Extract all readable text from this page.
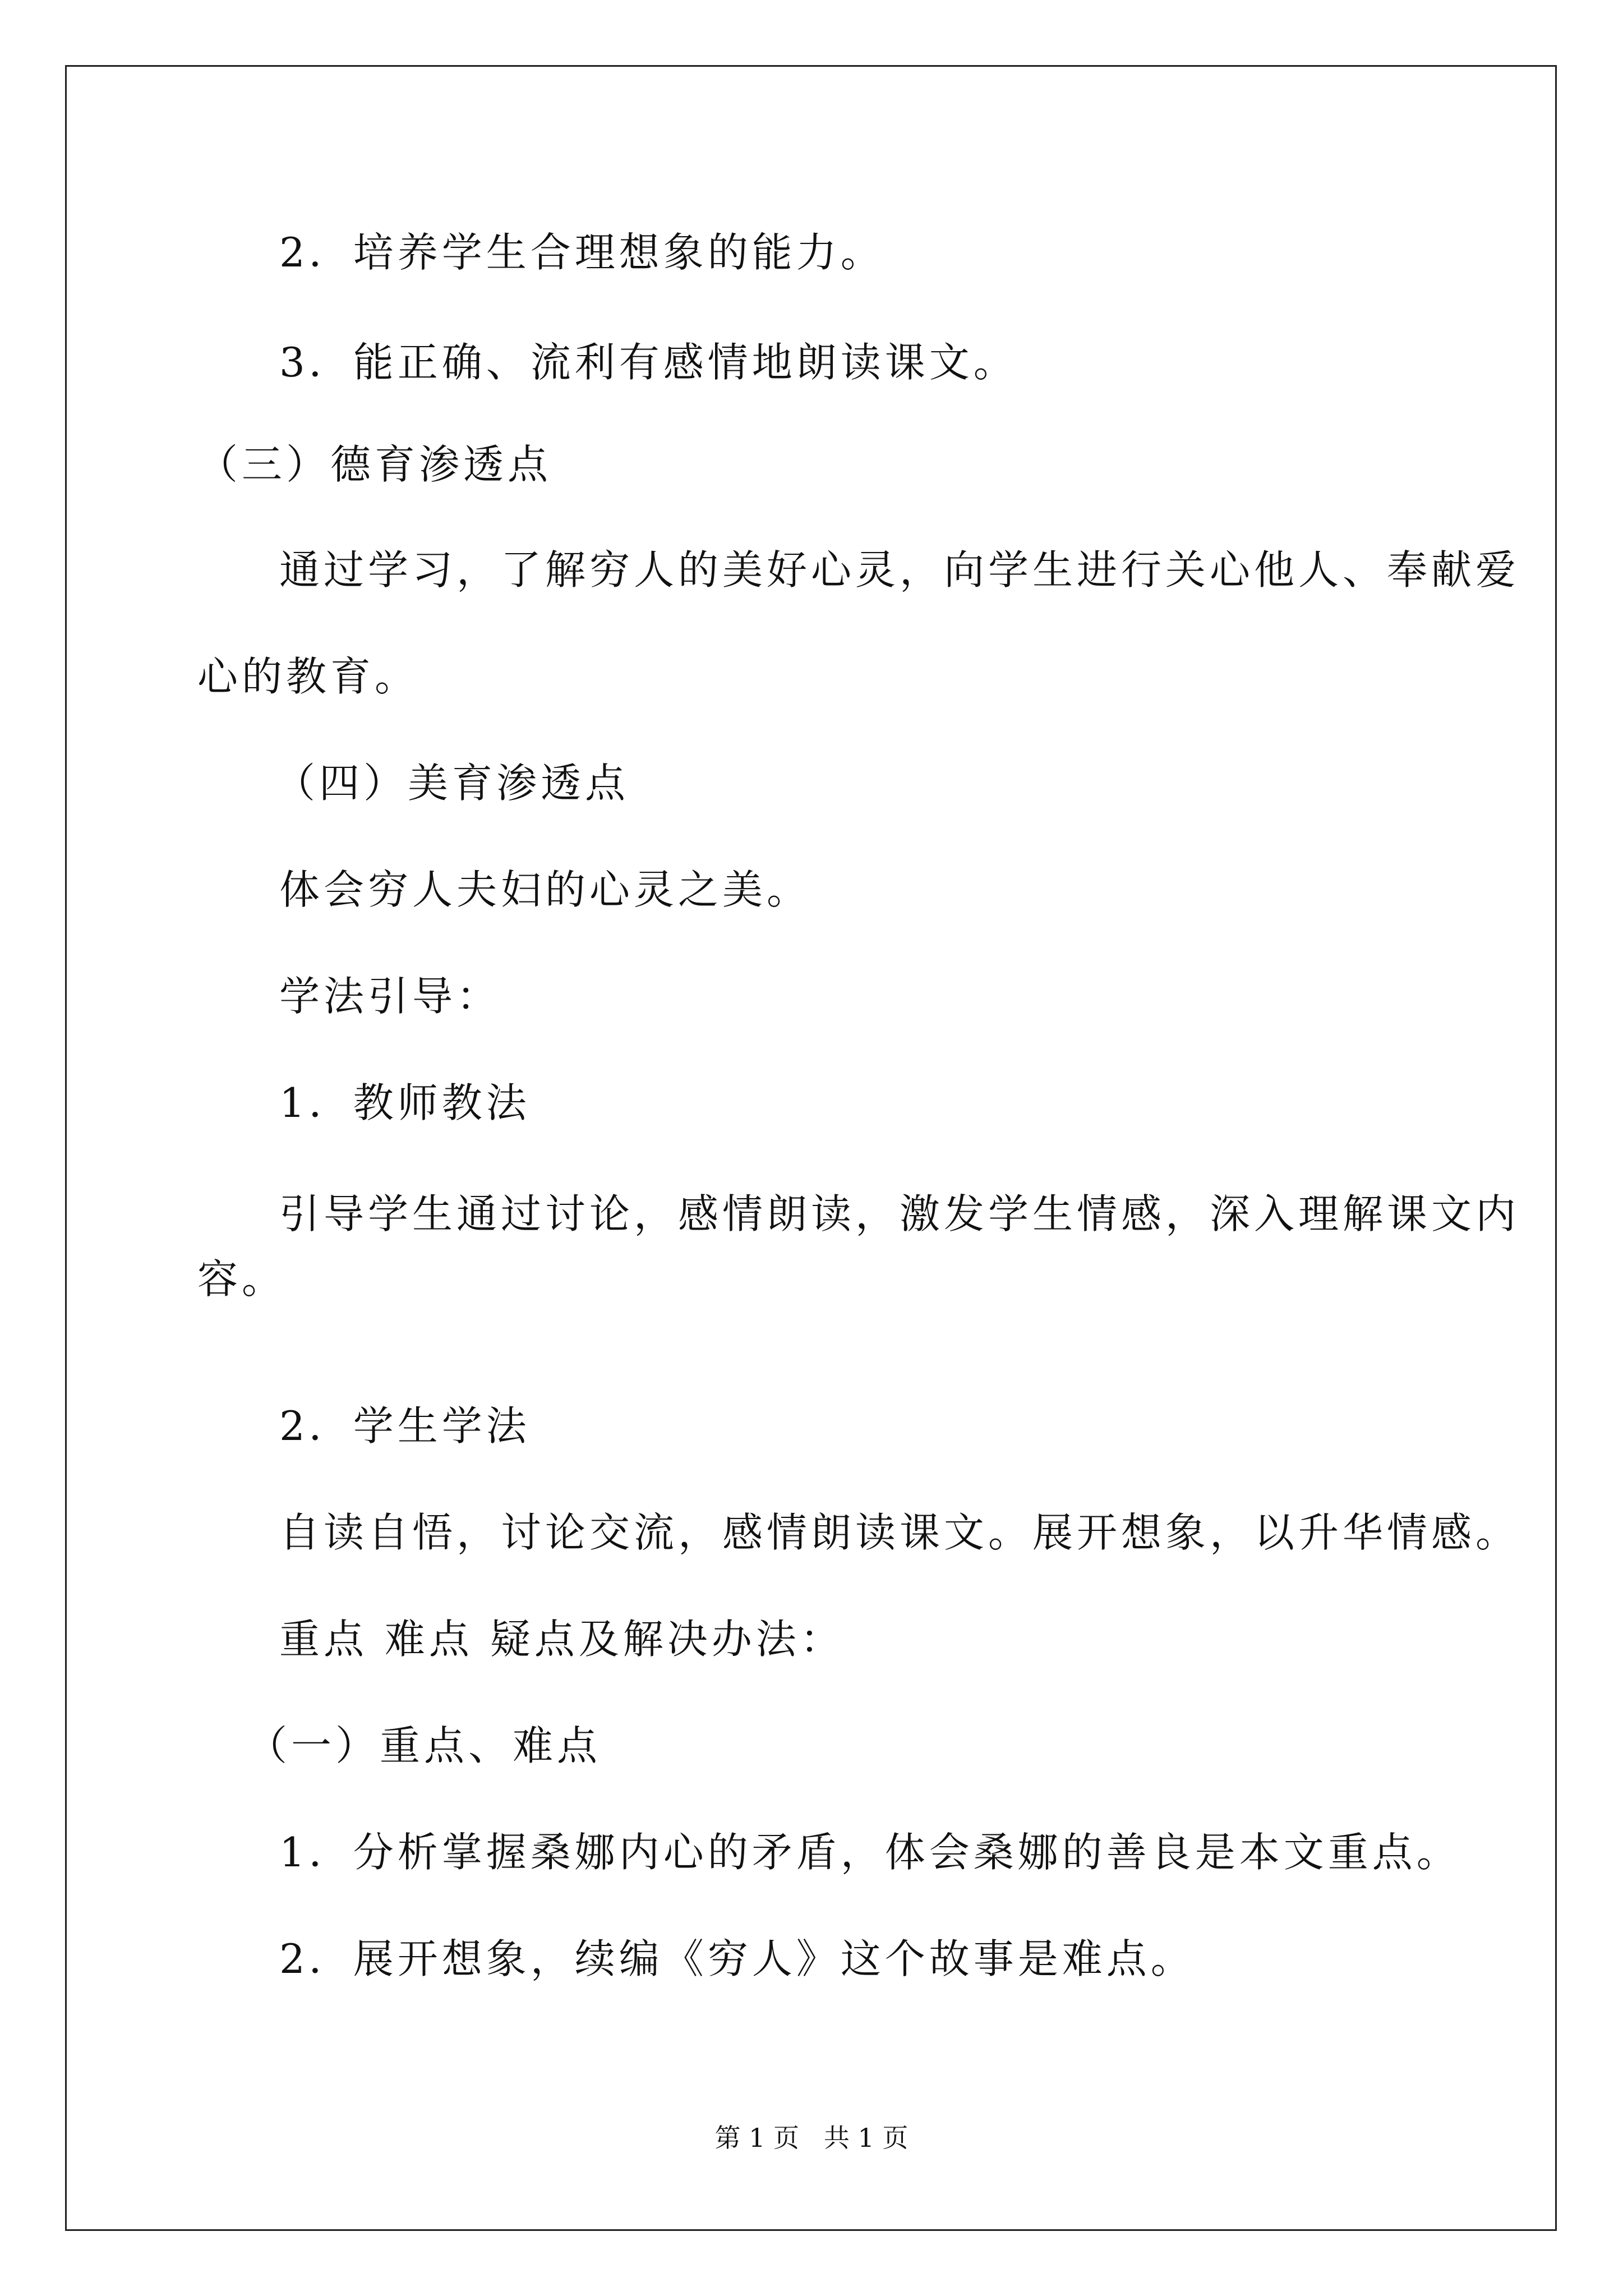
2．培养学生合理想象的能力。
3．能正确、流利有感情地朗读课文。
（三）德育渗透点
通过学习，了解穷人的美好心灵，向学生进行关心他人、奉献爱
心的教育。
（四）美育渗透点
体会穷人夫妇的心灵之美。
学法引导：
1．教师教法
引导学生通过讨论，感情朗读，激发学生情感，深入理解课文内
容。
2．学生学法
自读自悟，讨论交流，感情朗读课文。展开想象，以升华情感。
重点 难点 疑点及解决办法：
（一）重点、难点
1．分析掌握桑娜内心的矛盾，体会桑娜的善良是本文重点。
2．展开想象，续编《穷人》这个故事是难点。
第 1 页   共 1 页
